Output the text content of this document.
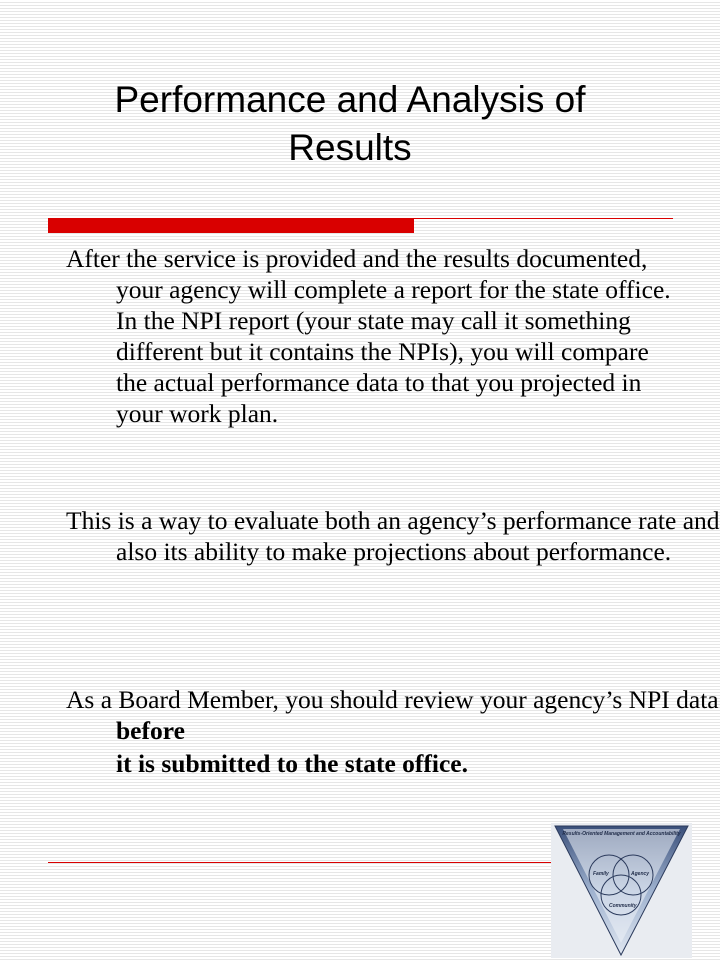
Performance and Analysis of
Results

After the service is provided and the results documented, your agency will complete a report for the state office. In the NPI report (your state may call it something different but it contains the NPIs), you will compare the actual performance data to that you projected in your work plan.

This is a way to evaluate both an agency’s performance rate and also its ability to make projections about performance.

As a Board Member, you should review your agency’s NPI data before
it is submitted to the state office.

Results-Oriented Management and Accountability
Family	Agency
Community
